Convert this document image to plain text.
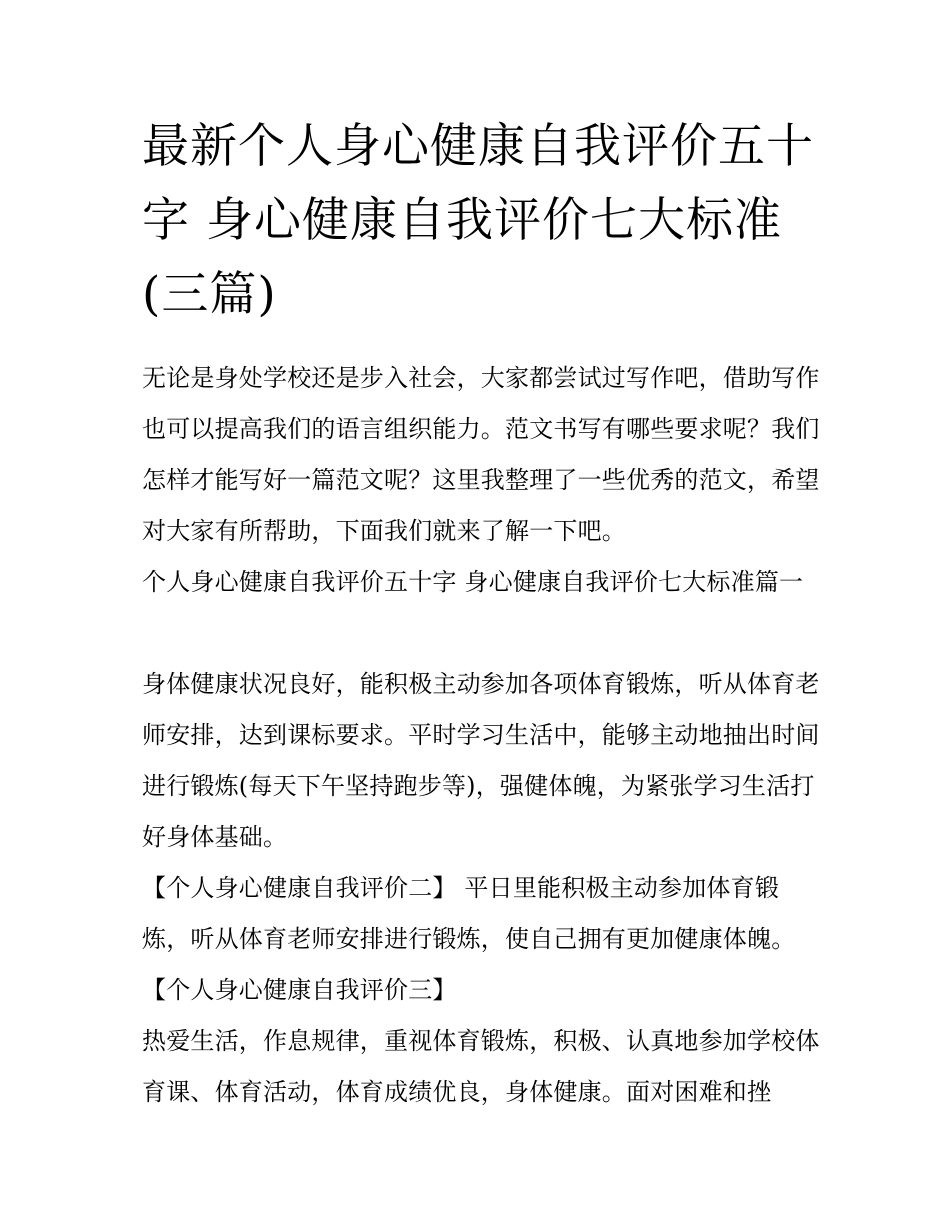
最新个人身心健康自我评价五十字 身心健康自我评价七大标准(三篇)

无论是身处学校还是步入社会，大家都尝试过写作吧，借助写作也可以提高我们的语言组织能力。范文书写有哪些要求呢？我们怎样才能写好一篇范文呢？这里我整理了一些优秀的范文，希望对大家有所帮助，下面我们就来了解一下吧。

个人身心健康自我评价五十字 身心健康自我评价七大标准篇一

身体健康状况良好，能积极主动参加各项体育锻炼，听从体育老师安排，达到课标要求。平时学习生活中，能够主动地抽出时间进行锻炼(每天下午坚持跑步等)，强健体魄，为紧张学习生活打好身体基础。

【个人身心健康自我评价二】 平日里能积极主动参加体育锻炼，听从体育老师安排进行锻炼，使自己拥有更加健康体魄。

【个人身心健康自我评价三】

热爱生活，作息规律，重视体育锻炼，积极、认真地参加学校体育课、体育活动，体育成绩优良，身体健康。面对困难和挫
